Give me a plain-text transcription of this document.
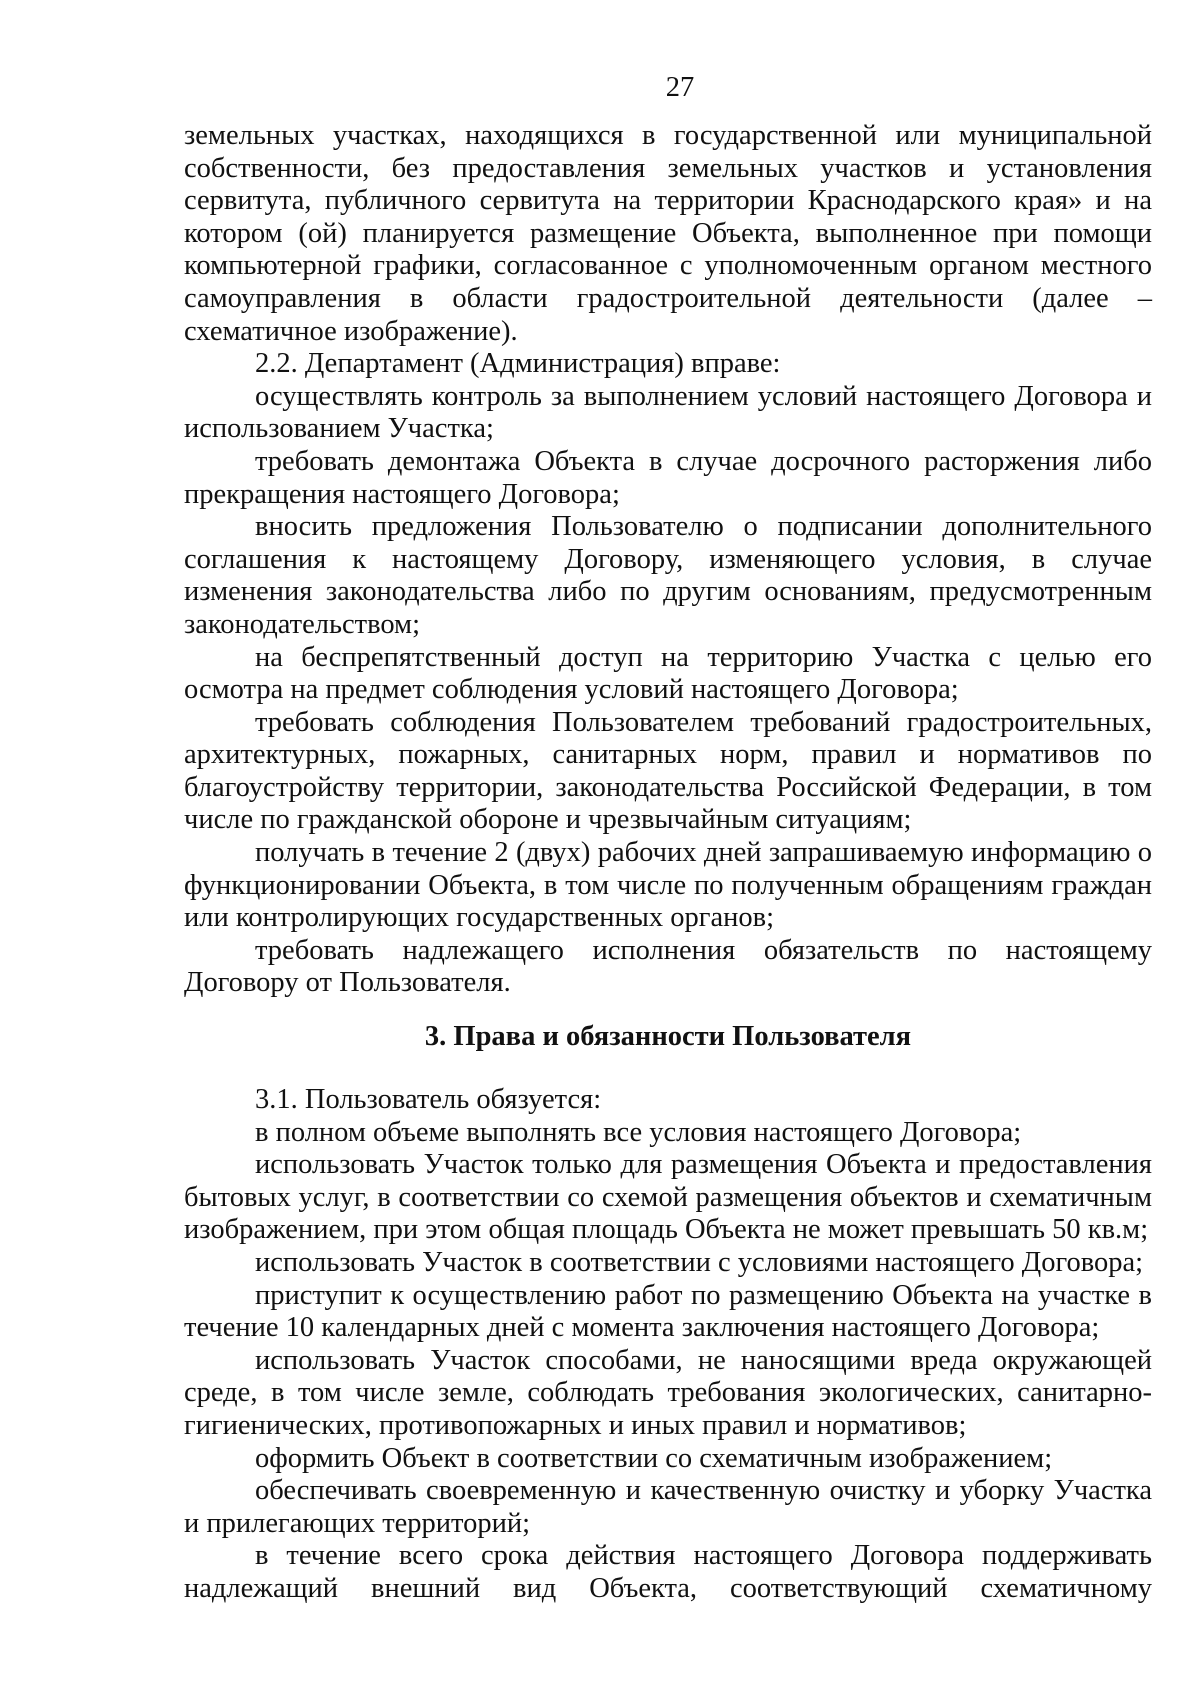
27

земельных участках, находящихся в государственной или муниципальной собственности, без предоставления земельных участков и установления сервитута, публичного сервитута на территории Краснодарского края» и на котором (ой) планируется размещение Объекта, выполненное при помощи компьютерной графики, согласованное с уполномоченным органом местного самоуправления в области градостроительной деятельности (далее – схематичное изображение).

2.2. Департамент (Администрация) вправе:

осуществлять контроль за выполнением условий настоящего Договора и использованием Участка;

требовать демонтажа Объекта в случае досрочного расторжения либо прекращения настоящего Договора;

вносить предложения Пользователю о подписании дополнительного соглашения к настоящему Договору, изменяющего условия, в случае изменения законодательства либо по другим основаниям, предусмотренным законодательством;

на беспрепятственный доступ на территорию Участка с целью его осмотра на предмет соблюдения условий настоящего Договора;

требовать соблюдения Пользователем требований градостроительных, архитектурных, пожарных, санитарных норм, правил и нормативов по благоустройству территории, законодательства Российской Федерации, в том числе по гражданской обороне и чрезвычайным ситуациям;

получать в течение 2 (двух) рабочих дней запрашиваемую информацию о функционировании Объекта, в том числе по полученным обращениям граждан или контролирующих государственных органов;

требовать надлежащего исполнения обязательств по настоящему Договору от Пользователя.

3. Права и обязанности Пользователя

3.1. Пользователь обязуется:

в полном объеме выполнять все условия настоящего Договора;

использовать Участок только для размещения Объекта и предоставления бытовых услуг, в соответствии со схемой размещения объектов и схематичным изображением, при этом общая площадь Объекта не может превышать 50 кв.м;

использовать Участок в соответствии с условиями настоящего Договора;

приступит к осуществлению работ по размещению Объекта на участке в течение 10 календарных дней с момента заключения настоящего Договора;

использовать Участок способами, не наносящими вреда окружающей среде, в том числе земле, соблюдать требования экологических, санитарно-гигиенических, противопожарных и иных правил и нормативов;

оформить Объект в соответствии со схематичным изображением;

обеспечивать своевременную и качественную очистку и уборку Участка и прилегающих территорий;

в течение всего срока действия настоящего Договора поддерживать надлежащий внешний вид Объекта, соответствующий схематичному
